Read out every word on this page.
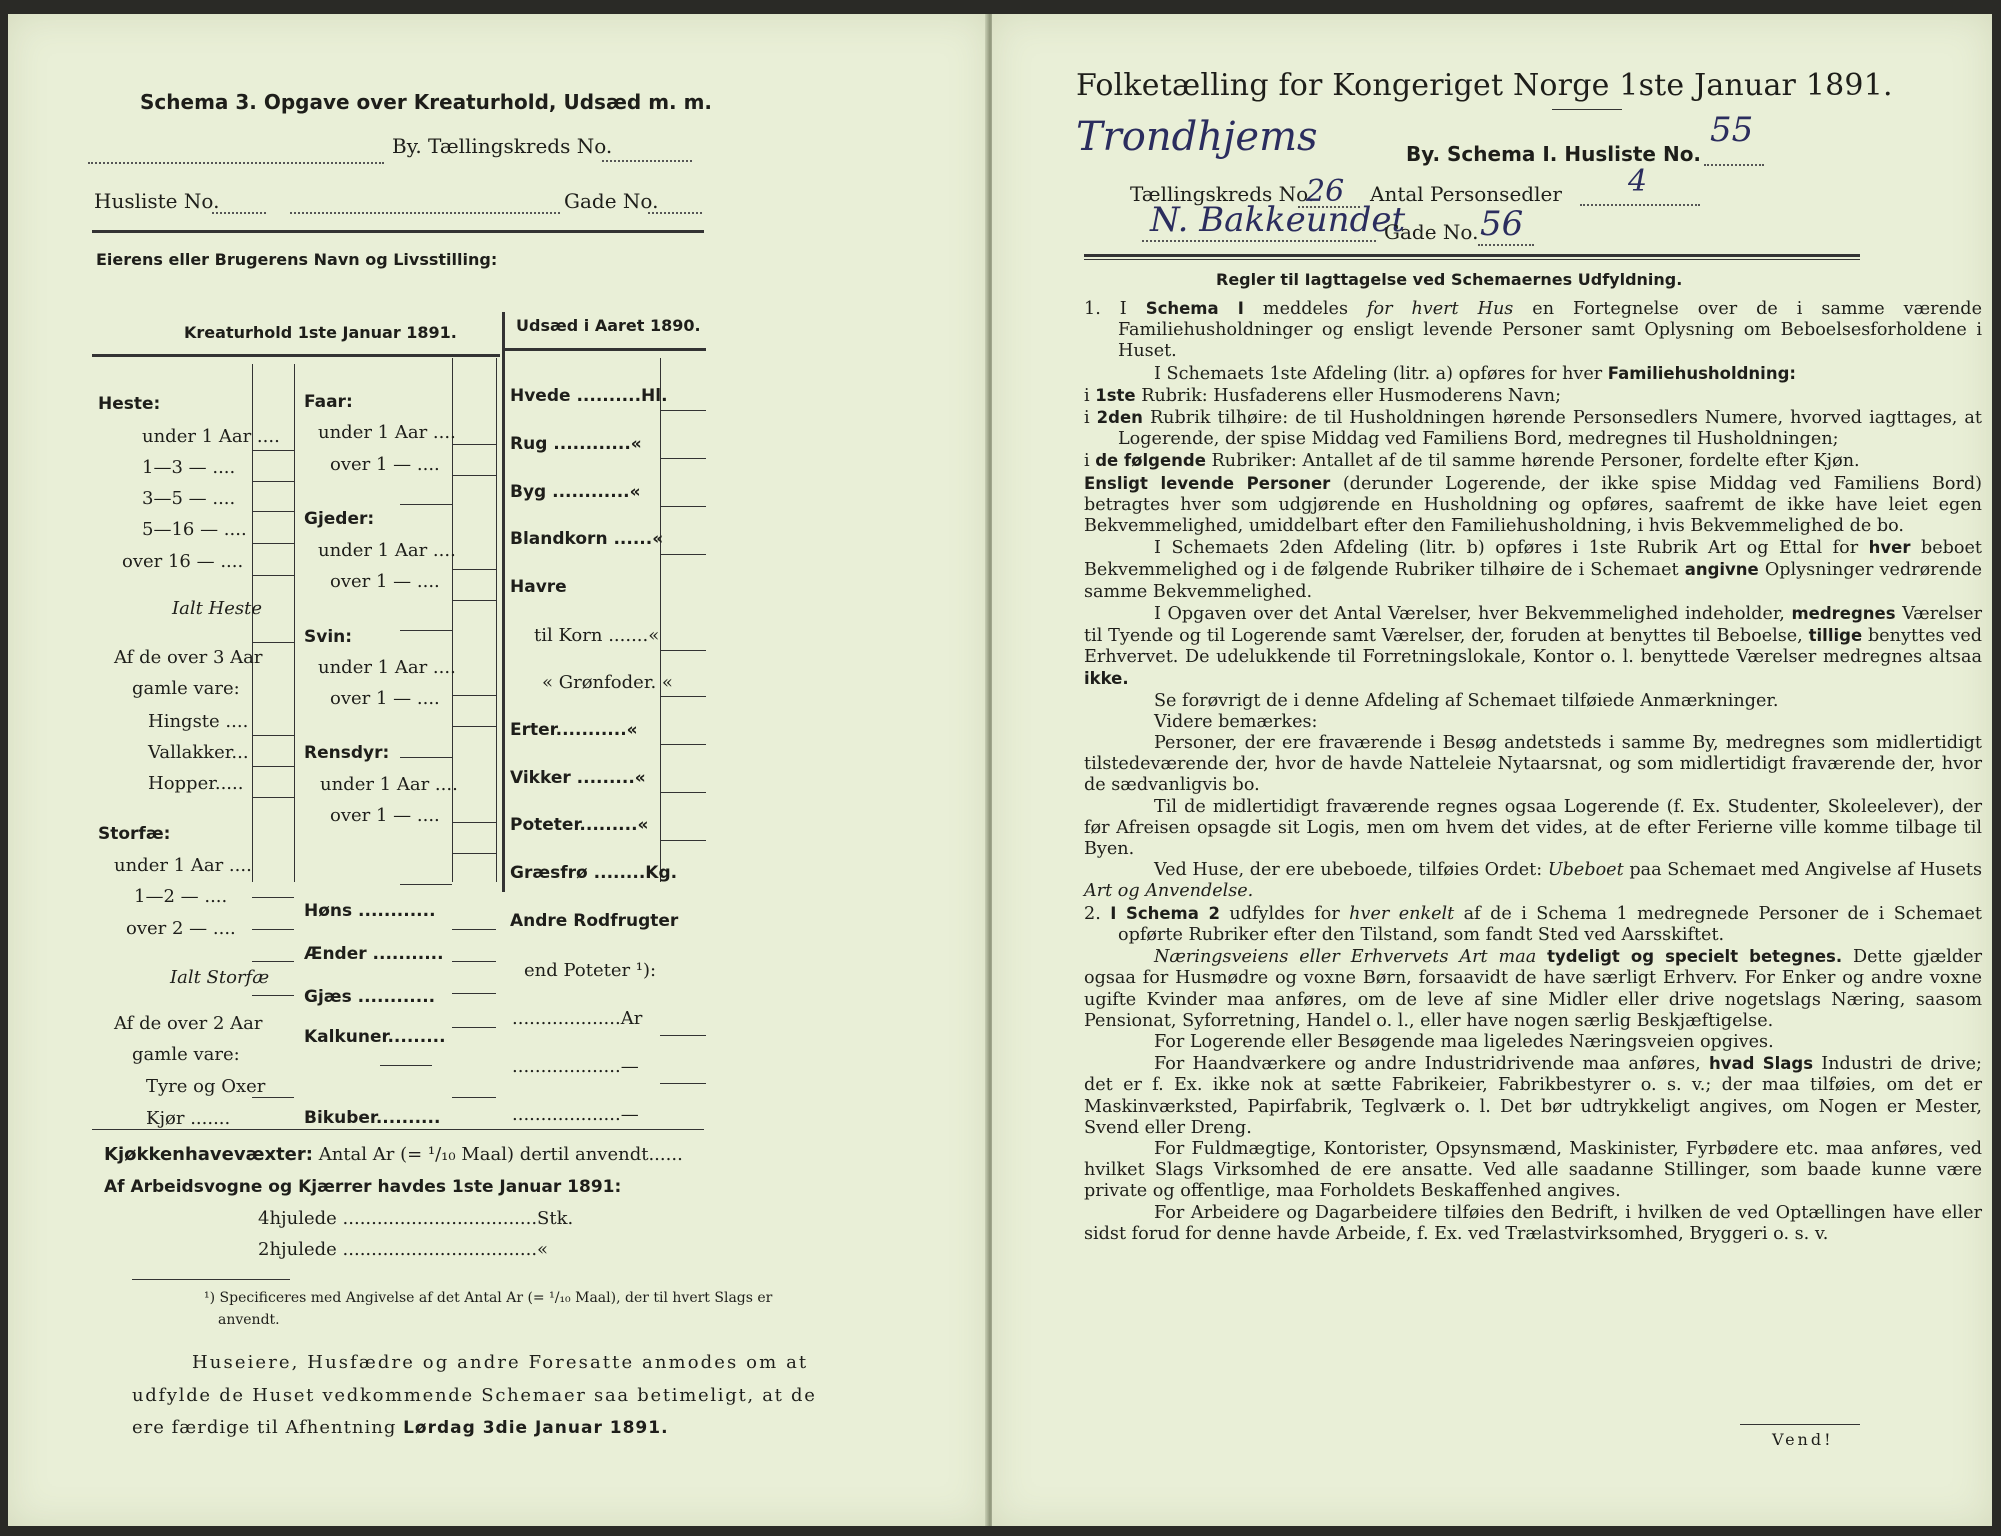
Schema 3. Opgave over Kreaturhold, Udsæd m. m.
By. Tællingskreds No.
Husliste No.	Gade No.
Eierens eller Brugerens Navn og Livsstilling:
Kreaturhold 1ste Januar 1891.	Udsæd i Aaret 1890.
Heste:
under 1 Aar ....
1—3 — ....
3—5 — ....
5—16 — ....
over 16 — ....
Ialt Heste
Af de over 3 Aar
gamle vare:
Hingste ....
Vallakker...
Hopper.....
Storfæ:
under 1 Aar ....
1—2 — ....
over 2 — ....
Ialt Storfæ
Af de over 2 Aar
gamle vare:
Tyre og Oxer
Kjør .......
Faar:
under 1 Aar ....
over 1 — ....
Gjeder:
under 1 Aar ....
over 1 — ....
Svin:
under 1 Aar ....
over 1 — ....
Rensdyr:
under 1 Aar ....
over 1 — ....
Høns ............
Ænder ...........
Gjæs ............
Kalkuner.........
Bikuber..........
Hvede ..........Hl.
Rug ............«
Byg ............«
Blandkorn ......«
Havre
til Korn .......«
« Grønfoder. «
Erter...........«
Vikker .........«
Poteter.........«
Græsfrø ........Kg.
Andre Rodfrugter
end Poteter ¹):
...................Ar
...................—
...................—
Kjøkkenhavevæxter: Antal Ar (= ¹/₁₀ Maal) dertil anvendt......
Af Arbeidsvogne og Kjærrer havdes 1ste Januar 1891:
4hjulede ..................................Stk.
2hjulede ..................................«
¹) Specificeres med Angivelse af det Antal Ar (= ¹/₁₀ Maal), der til hvert Slags er
anvendt.
Huseiere, Husfædre og andre Foresatte anmodes om at
udfylde de Huset vedkommende Schemaer saa betimeligt, at de
ere færdige til Afhentning Lørdag 3die Januar 1891.
Folketælling for Kongeriget Norge 1ste Januar 1891.
Trondhjems	By. Schema I. Husliste No.
55
Tællingskreds No.
26 Antal Personsedler 4
N. Bakkeundet
Gade No. 56
Regler til Iagttagelse ved Schemaernes Udfyldning.

1. I Schema I meddeles for hvert Hus en Fortegnelse over de i samme værende Familiehusholdninger og ensligt levende Personer samt Oplysning om Beboelsesforholdene i Huset.

I Schemaets 1ste Afdeling (litr. a) opføres for hver Familiehusholdning:

i 1ste Rubrik: Husfaderens eller Husmoderens Navn;

i 2den Rubrik tilhøire: de til Husholdningen hørende Personsedlers Numere, hvorved iagttages, at Logerende, der spise Middag ved Familiens Bord, medregnes til Husholdningen;

i de følgende Rubriker: Antallet af de til samme hørende Personer, fordelte efter Kjøn.

Ensligt levende Personer (derunder Logerende, der ikke spise Middag ved Familiens Bord) betragtes hver som udgjørende en Husholdning og opføres, saafremt de ikke have leiet egen Bekvemmelighed, umiddelbart efter den Familiehusholdning, i hvis Bekvemmelighed de bo.

I Schemaets 2den Afdeling (litr. b) opføres i 1ste Rubrik Art og Ettal for hver beboet Bekvemmelighed og i de følgende Rubriker tilhøire de i Schemaet angivne Oplysninger vedrørende samme Bekvemmelighed.

I Opgaven over det Antal Værelser, hver Bekvemmelighed indeholder, medregnes Værelser til Tyende og til Logerende samt Værelser, der, foruden at benyttes til Beboelse, tillige benyttes ved Erhvervet. De udelukkende til Forretningslokale, Kontor o. l. benyttede Værelser medregnes altsaa ikke.

Se forøvrigt de i denne Afdeling af Schemaet tilføiede Anmærkninger.

Videre bemærkes:

Personer, der ere fraværende i Besøg andetsteds i samme By, medregnes som midlertidigt tilstedeværende der, hvor de havde Natteleie Nytaarsnat, og som midlertidigt fraværende der, hvor de sædvanligvis bo.

Til de midlertidigt fraværende regnes ogsaa Logerende (f. Ex. Studenter, Skoleelever), der før Afreisen opsagde sit Logis, men om hvem det vides, at de efter Ferierne ville komme tilbage til Byen.

Ved Huse, der ere ubeboede, tilføies Ordet: Ubeboet paa Schemaet med Angivelse af Husets Art og Anvendelse.

2. I Schema 2 udfyldes for hver enkelt af de i Schema 1 medregnede Personer de i Schemaet opførte Rubriker efter den Tilstand, som fandt Sted ved Aarsskiftet.

Næringsveiens eller Erhvervets Art maa tydeligt og specielt betegnes. Dette gjælder ogsaa for Husmødre og voxne Børn, forsaavidt de have særligt Erhverv. For Enker og andre voxne ugifte Kvinder maa anføres, om de leve af sine Midler eller drive nogetslags Næring, saasom Pensionat, Syforretning, Handel o. l., eller have nogen særlig Beskjæftigelse.

For Logerende eller Besøgende maa ligeledes Næringsveien opgives.

For Haandværkere og andre Industridrivende maa anføres, hvad Slags Industri de drive; det er f. Ex. ikke nok at sætte Fabrikeier, Fabrikbestyrer o. s. v.; der maa tilføies, om det er Maskinværksted, Papirfabrik, Teglværk o. l. Det bør udtrykkeligt angives, om Nogen er Mester, Svend eller Dreng.

For Fuldmægtige, Kontorister, Opsynsmænd, Maskinister, Fyrbødere etc. maa anføres, ved hvilket Slags Virksomhed de ere ansatte. Ved alle saadanne Stillinger, som baade kunne være private og offentlige, maa Forholdets Beskaffenhed angives.

For Arbeidere og Dagarbeidere tilføies den Bedrift, i hvilken de ved Optællingen have eller sidst forud for denne havde Arbeide, f. Ex. ved Trælastvirksomhed, Bryggeri o. s. v.

Vend!
